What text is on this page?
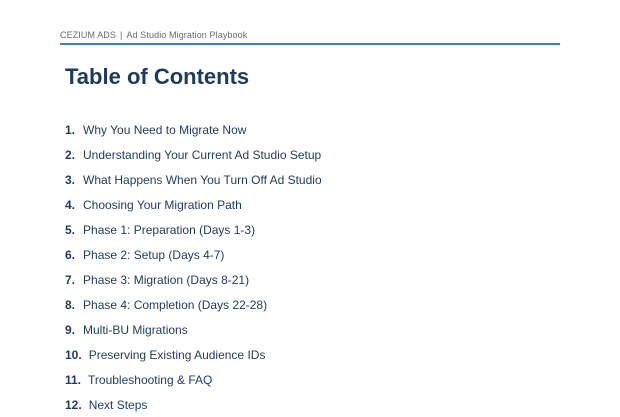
CEZIUM ADS | Ad Studio Migration Playbook
Table of Contents
1. Why You Need to Migrate Now
2. Understanding Your Current Ad Studio Setup
3. What Happens When You Turn Off Ad Studio
4. Choosing Your Migration Path
5. Phase 1: Preparation (Days 1-3)
6. Phase 2: Setup (Days 4-7)
7. Phase 3: Migration (Days 8-21)
8. Phase 4: Completion (Days 22-28)
9. Multi-BU Migrations
10. Preserving Existing Audience IDs
11. Troubleshooting & FAQ
12. Next Steps
